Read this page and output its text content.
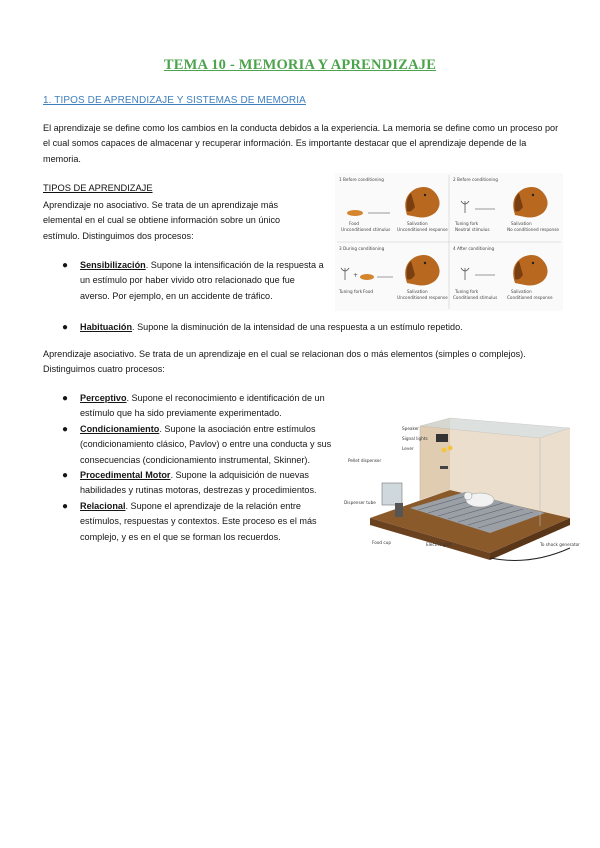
TEMA 10 - MEMORIA Y APRENDIZAJE
1. TIPOS DE APRENDIZAJE Y SISTEMAS DE MEMORIA
El aprendizaje se define como los cambios en la conducta debidos a la experiencia. La memoria se define como un proceso por el cual somos capaces de almacenar y recuperar información. Es importante destacar que el aprendizaje depende de la memoria.
TIPOS DE APRENDIZAJE
Aprendizaje no asociativo. Se trata de un aprendizaje más elemental en el cual se obtiene información sobre un único estímulo. Distinguimos dos procesos:
● Sensibilización. Supone la intensificación de la respuesta a un estímulo por haber vivido otro relacionado que fue averso. Por ejemplo, en un accidente de tráfico.
● Habituación. Supone la disminución de la intensidad de una respuesta a un estímulo repetido.
Aprendizaje asociativo. Se trata de un aprendizaje en el cual se relacionan dos o más elementos (simples o complejos). Distinguimos cuatro procesos:
● Perceptivo. Supone el reconocimiento e identificación de un estímulo que ha sido previamente experimentado.
● Condicionamiento. Supone la asociación entre estímulos (condicionamiento clásico, Pavlov) o entre una conducta y sus consecuencias (condicionamiento instrumental, Skinner).
● Procedimental Motor. Supone la adquisición de nuevas habilidades y rutinas motoras, destrezas y procedimientos.
● Relacional. Supone el aprendizaje de la relación entre estímulos, respuestas y contextos. Este proceso es el más complejo, y es en el que se forman los recuerdos.
1 Before conditioning
Food
Unconditioned stimulus
Salivation
Unconditioned response
2 Before conditioning
Tuning fork
Neutral stimulus
Salivation
No conditioned response
3 During conditioning
+
Tuning fork Food	Salivation
Unconditioned response
4 After conditioning
Tuning fork
Conditioned stimulus
Salivation
Conditioned response
Pellet dispenser
Speaker
Signal lights
Lever
Dispenser tube
Food cup	Electric grid	To shock generator
